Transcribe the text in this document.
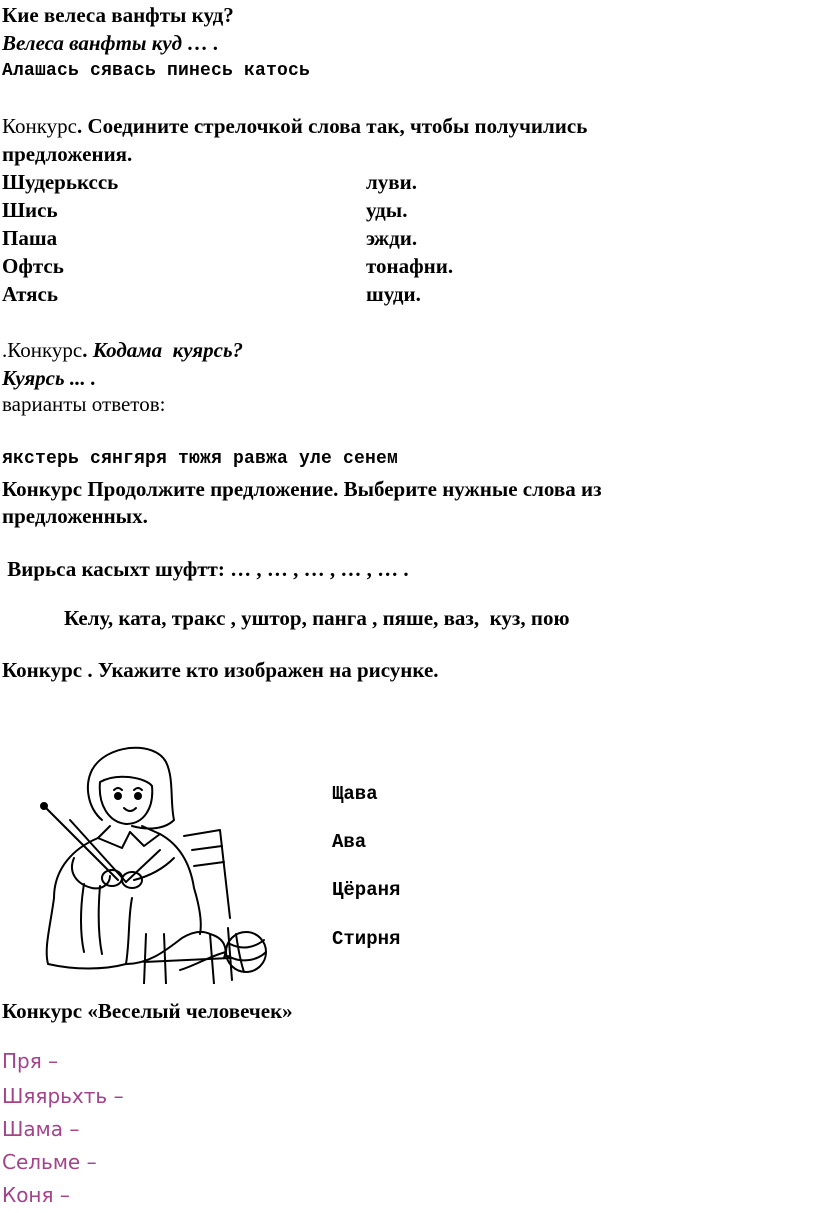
Кие велеса ванфты куд?
Велеса ванфты куд … .
Алашась сявась пинесь катось
Конкурс. Соедините стрелочкой слова так, чтобы получились
предложения.
Шудерькссь	луви.
Шись	уды.
Паша	эжди.
Офтсь	тонафни.
Атясь	шуди.
.Конкурс. Кодама  куярсь?
Куярсь ... .
варианты ответов:
якстерь сянгяря тюжя равжа уле сенем
Конкурс Продолжите предложение. Выберите нужные слова из
предложенных.
Вирьса касыхт шуфтт: … , … , … , … , … .
Келу, ката, тракс , уштор, панга , пяше, ваз,  куз, пою
Конкурс . Укажите кто изображен на рисунке.
Щава
Ава
Цёраня
Стирня
Конкурс «Веселый человечек»
Пря –
Шяярьхть –
Шама –
Сельме –
Коня –
